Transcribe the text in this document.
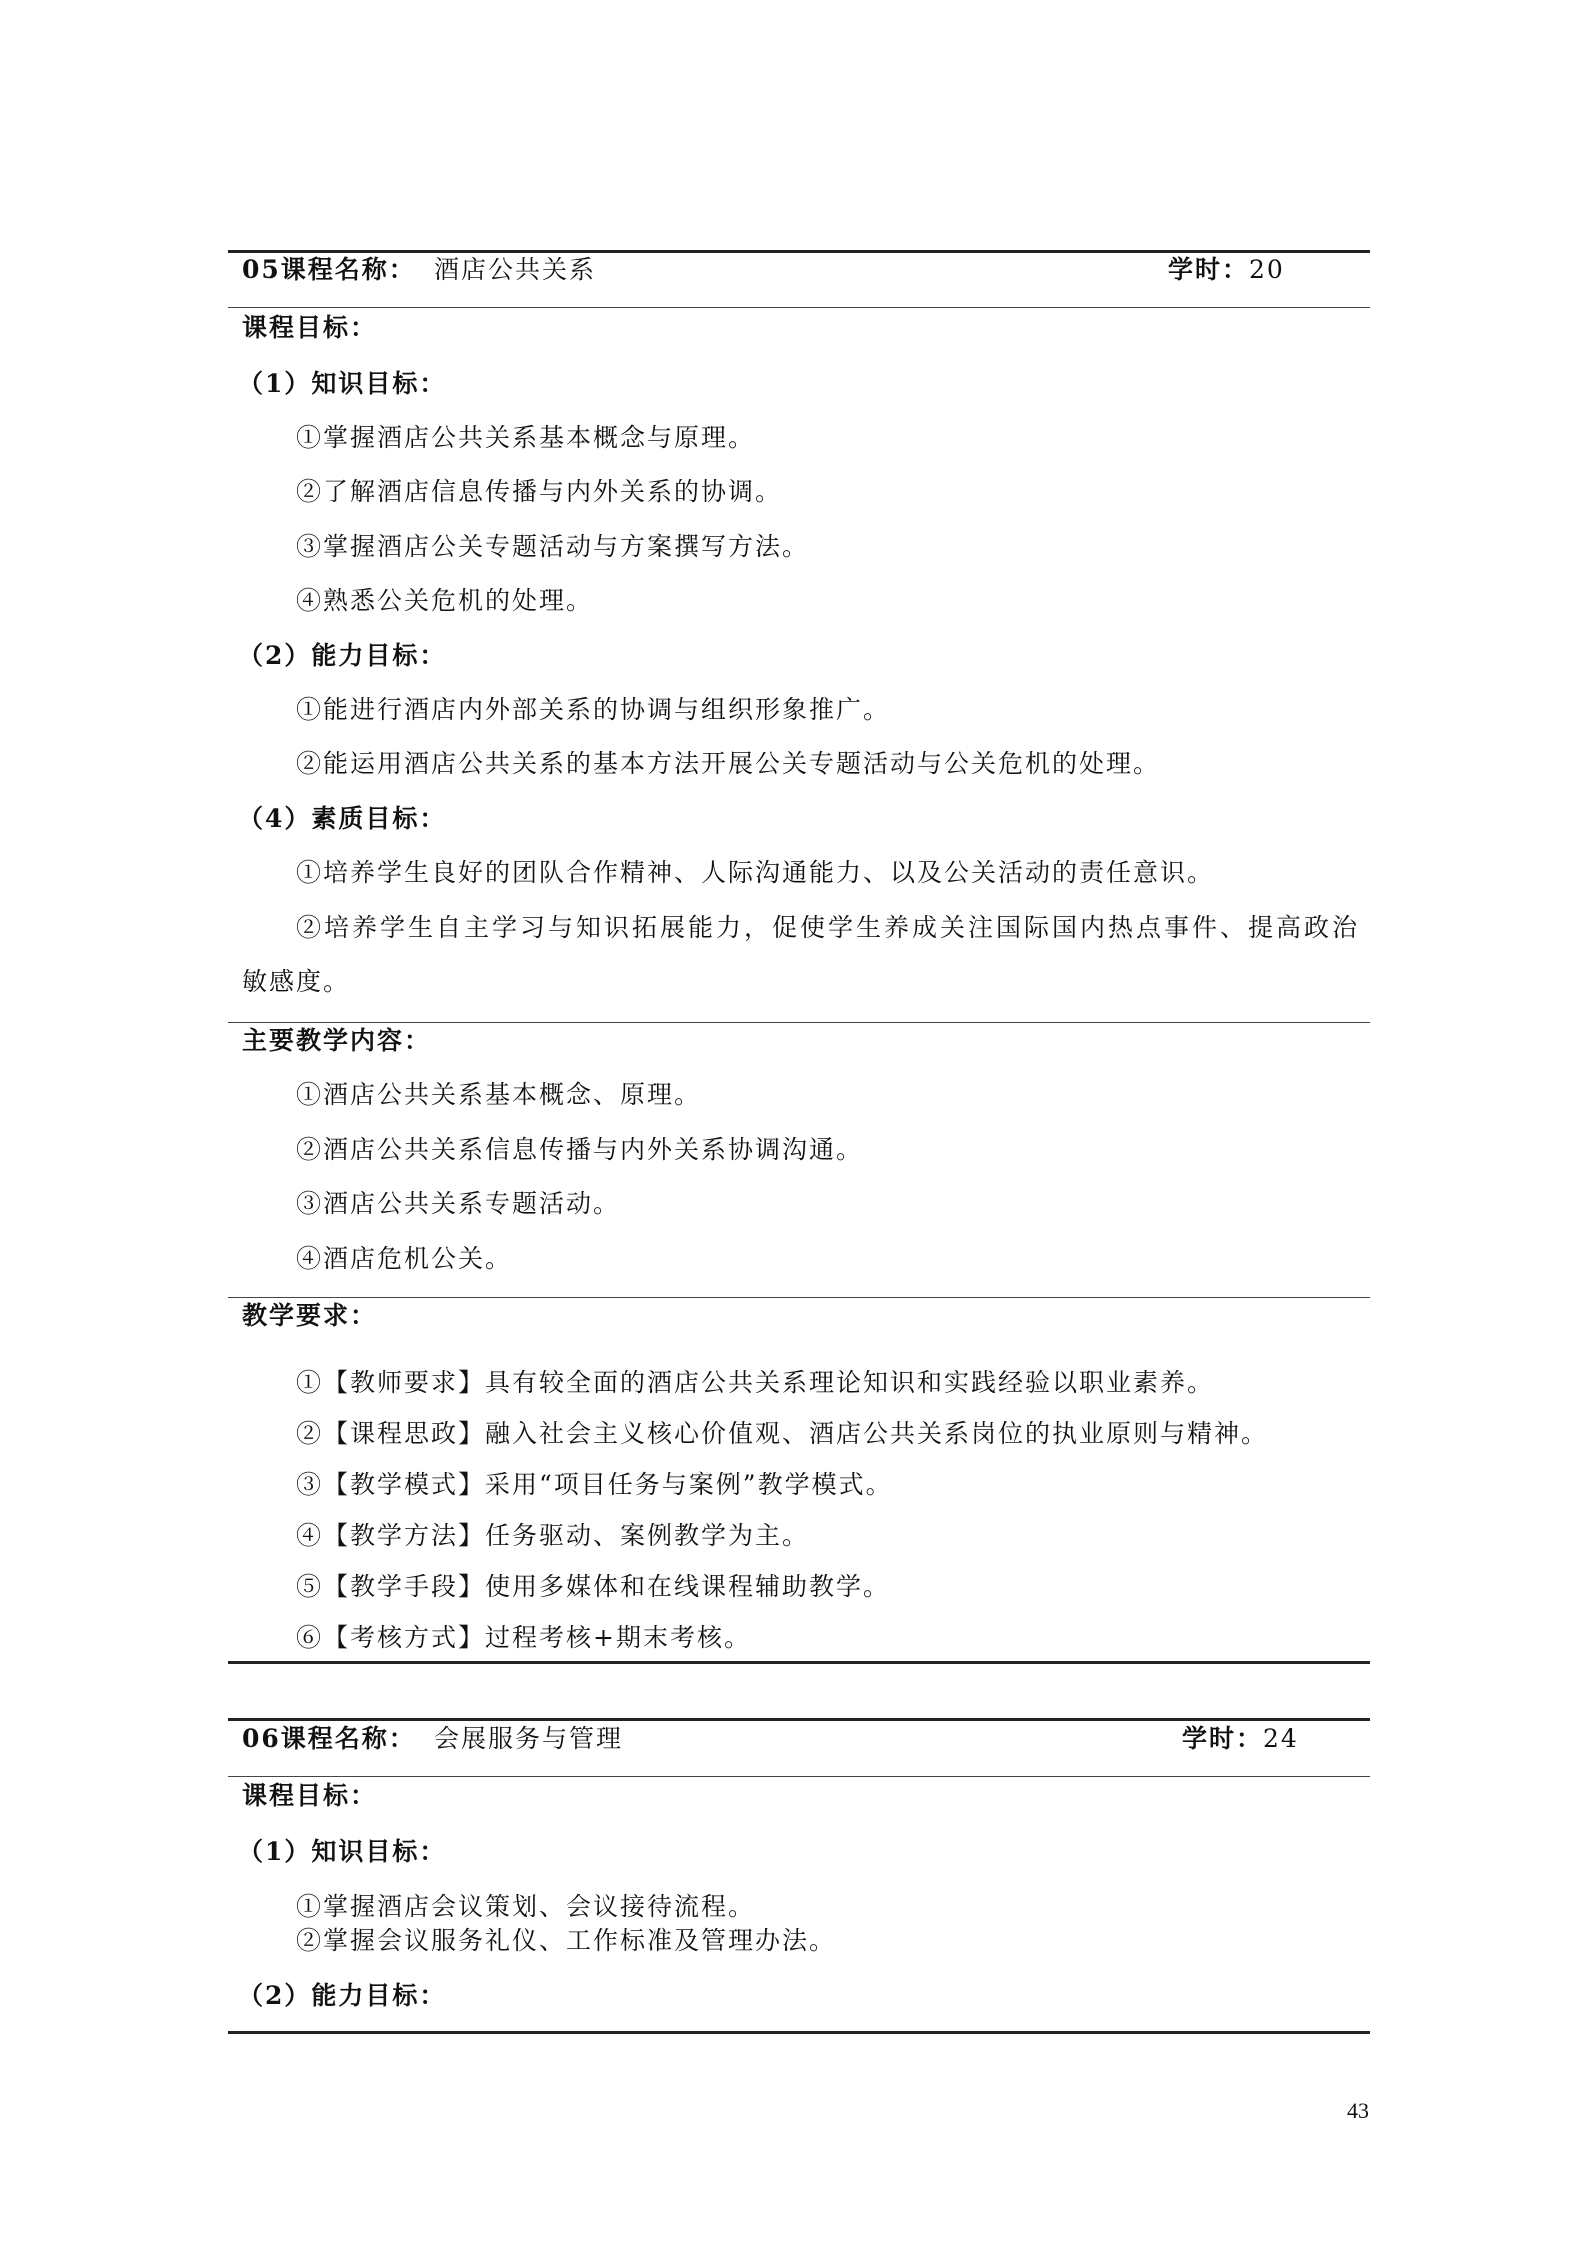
05课程名称： 酒店公共关系	学时：20
课程目标：
（1）知识目标：
①掌握酒店公共关系基本概念与原理。
②了解酒店信息传播与内外关系的协调。
③掌握酒店公关专题活动与方案撰写方法。
④熟悉公关危机的处理。
（2）能力目标：
①能进行酒店内外部关系的协调与组织形象推广。
②能运用酒店公共关系的基本方法开展公关专题活动与公关危机的处理。
（4）素质目标：
①培养学生良好的团队合作精神、人际沟通能力、以及公关活动的责任意识。
②培养学生自主学习与知识拓展能力，促使学生养成关注国际国内热点事件、提高政治
敏感度。
主要教学内容：
①酒店公共关系基本概念、原理。
②酒店公共关系信息传播与内外关系协调沟通。
③酒店公共关系专题活动。
④酒店危机公关。
教学要求：
①【教师要求】具有较全面的酒店公共关系理论知识和实践经验以职业素养。
②【课程思政】融入社会主义核心价值观、酒店公共关系岗位的执业原则与精神。
③【教学模式】采用“项目任务与案例”教学模式。
④【教学方法】任务驱动、案例教学为主。
⑤【教学手段】使用多媒体和在线课程辅助教学。
⑥【考核方式】过程考核+期末考核。
06课程名称： 会展服务与管理	学时：24
课程目标：
（1）知识目标：
①掌握酒店会议策划、会议接待流程。
②掌握会议服务礼仪、工作标准及管理办法。
（2）能力目标：
43
